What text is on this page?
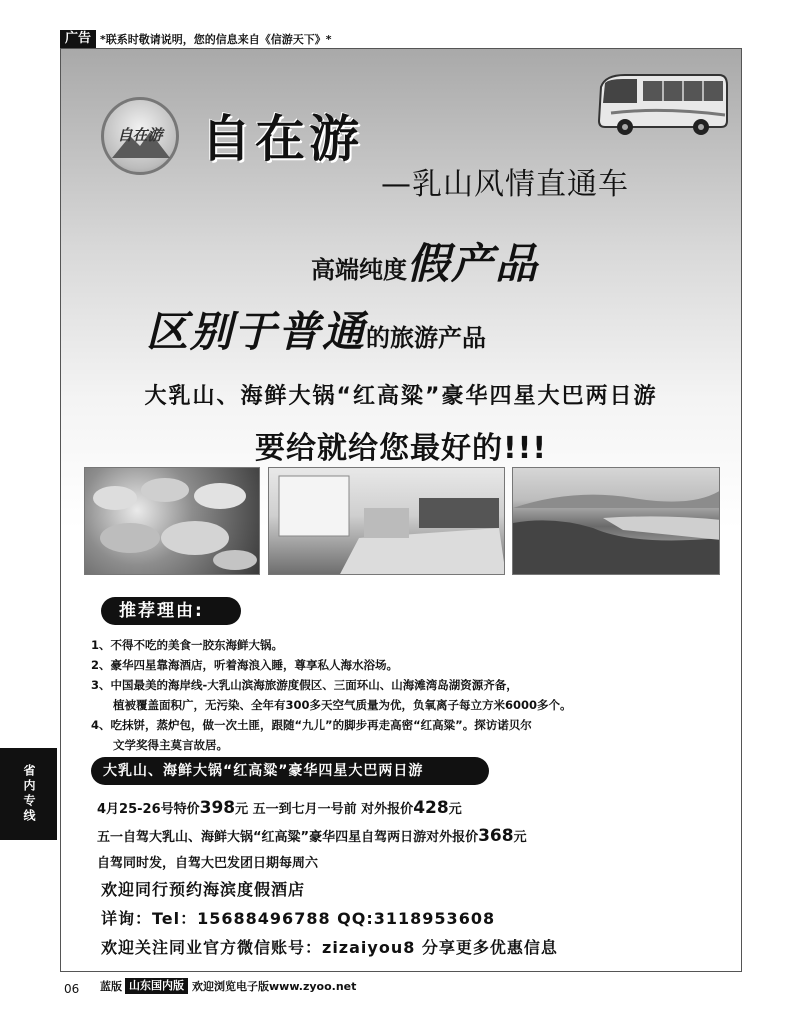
广告 *联系时敬请说明，您的信息来自《信游天下》*
自在游 自在游
—乳山风情直通车
高端纯度假产品
区别于普通的旅游产品
大乳山、海鲜大锅“红高粱”豪华四星大巴两日游
要给就给您最好的!!!
推荐理由:
1、不得不吃的美食一胶东海鲜大锅。
2、豪华四星靠海酒店，听着海浪入睡，尊享私人海水浴场。
3、中国最美的海岸线-大乳山滨海旅游度假区、三面环山、山海滩湾岛湖资源齐备，
植被覆盖面积广，无污染、全年有300多天空气质量为优，负氧离子每立方米6000多个。
4、吃抹饼，蒸炉包，做一次土匪，跟随“九儿”的脚步再走高密“红高粱”。探访诺贝尔
文学奖得主莫言故居。
大乳山、海鲜大锅“红高粱”豪华四星大巴两日游
4月25-26号特价398元 五一到七月一号前 对外报价428元
五一自驾大乳山、海鲜大锅“红高粱”豪华四星自驾两日游对外报价368元
自驾同时发，自驾大巴发团日期每周六
欢迎同行预约海滨度假酒店
详询：Tel：15688496788 QQ:3118953608
欢迎关注同业官方微信账号：zizaiyou8 分享更多优惠信息
省内专线
06 蓝版 山东国内版 欢迎浏览电子版www.zyoo.net
